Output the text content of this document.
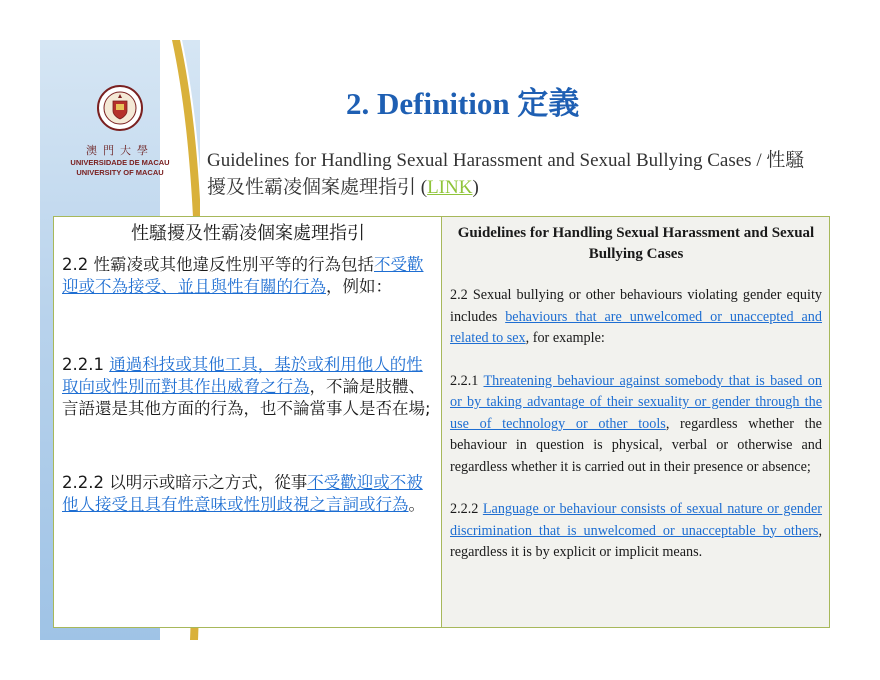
澳門大學
UNIVERSIDADE DE MACAU
UNIVERSITY OF MACAU
2. Definition 定義
Guidelines for Handling Sexual Harassment and Sexual Bullying Cases / 性騷擾及性霸凌個案處理指引 (LINK)
性騷擾及性霸凌個案處理指引

2.2 性霸凌或其他違反性別平等的行為包括不受歡迎或不為接受、並且與性有關的行為，例如：

2.2.1 通過科技或其他工具，基於或利用他人的性取向或性別而對其作出威脅之行為，不論是肢體、言語還是其他方面的行為，也不論當事人是否在場;

2.2.2 以明示或暗示之方式，從事不受歡迎或不被他人接受且具有性意味或性別歧視之言詞或行為。

Guidelines for Handling Sexual Harassment and Sexual Bullying Cases

2.2 Sexual bullying or other behaviours violating gender equity includes behaviours that are unwelcomed or unaccepted and related to sex, for example:

2.2.1 Threatening behaviour against somebody that is based on or by taking advantage of their sexuality or gender through the use of technology or other tools, regardless whether the behaviour in question is physical, verbal or otherwise and regardless whether it is carried out in their presence or absence;

2.2.2 Language or behaviour consists of sexual nature or gender discrimination that is unwelcomed or unacceptable by others, regardless it is by explicit or implicit means.
